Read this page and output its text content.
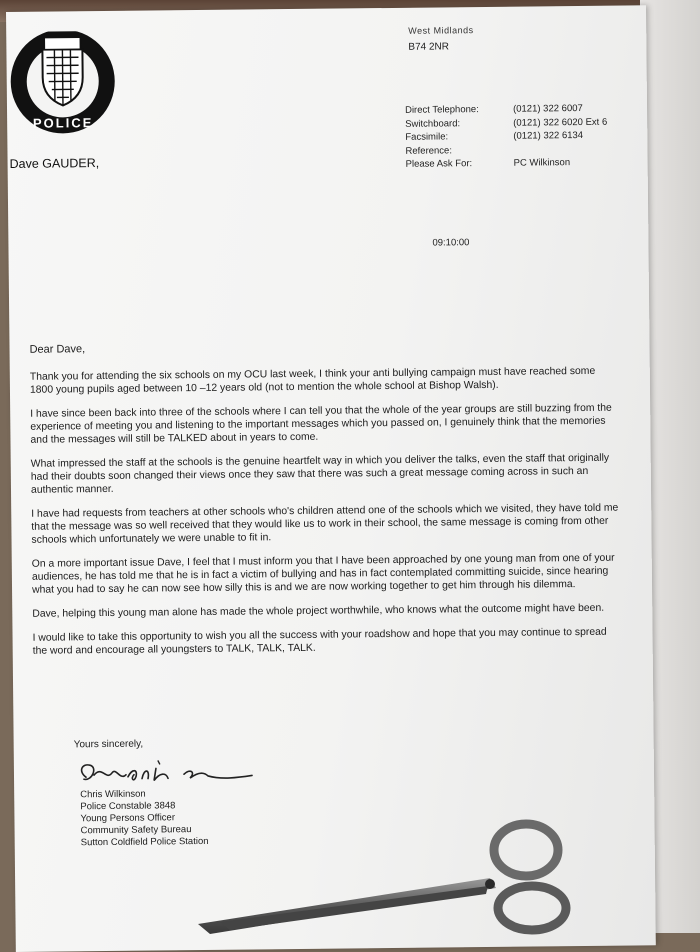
POLICE
West Midlands
B74 2NR
Direct Telephone:	(0121) 322 6007
Switchboard:	(0121) 322 6020 Ext 6
Facsimile:	(0121) 322 6134
Reference:
Please Ask For:	PC Wilkinson
Dave GAUDER,
09:10:00

Dear Dave,

Thank you for attending the six schools on my OCU last week, I think your anti bullying campaign must have reached some 1800 young pupils aged between 10 –12 years old (not to mention the whole school at Bishop Walsh).

I have since been back into three of the schools where I can tell you that the whole of the year groups are still buzzing from the experience of meeting you and listening to the important messages which you passed on, I genuinely think that the memories and the messages will still be TALKED about in years to come.

What impressed the staff at the schools is the genuine heartfelt way in which you deliver the talks, even the staff that originally had their doubts soon changed their views once they saw that there was such a great message coming across in such an authentic manner.

I have had requests from teachers at other schools who's children attend one of the schools which we visited, they have told me that the message was so well received that they would like us to work in their school, the same message is coming from other schools which unfortunately we were unable to fit in.

On a more important issue Dave, I feel that I must inform you that I have been approached by one young man from one of your audiences, he has told me that he is in fact a victim of bullying and has in fact contemplated committing suicide, since hearing what you had to say he can now see how silly this is and we are now working together to get him through his dilemma.

Dave, helping this young man alone has made the whole project worthwhile, who knows what the outcome might have been.

I would like to take this opportunity to wish you all the success with your roadshow and hope that you may continue to spread the word and encourage all youngsters to TALK, TALK, TALK.

Yours sincerely,
Chris Wilkinson
Police Constable 3848
Young Persons Officer
Community Safety Bureau
Sutton Coldfield Police Station
